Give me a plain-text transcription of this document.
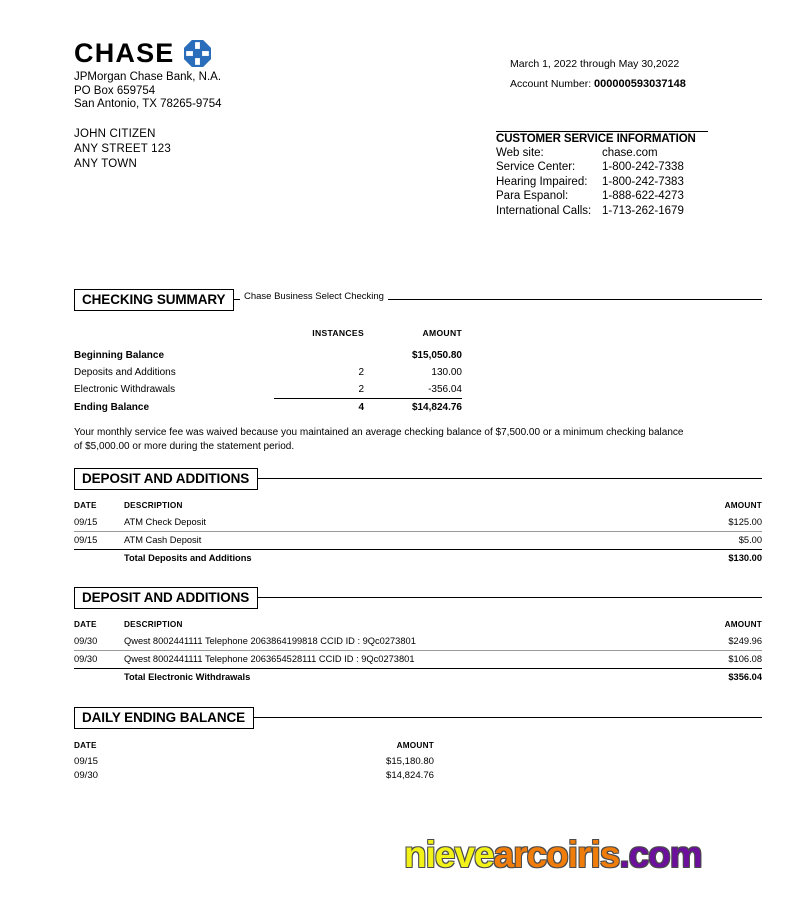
CHASE
JPMorgan Chase Bank, N.A.
PO Box 659754
San Antonio, TX 78265-9754
JOHN CITIZEN
ANY STREET 123
ANY TOWN
March 1, 2022 through May 30,2022
Account Number: 000000593037148
CUSTOMER SERVICE INFORMATION
Web site:	chase.com
Service Center:	1-800-242-7338
Hearing Impaired:	1-800-242-7383
Para Espanol:	1-888-622-4273
International Calls:	1-713-262-1679
CHECKING SUMMARY	Chase Business Select Checking
	INSTANCES	AMOUNT
Beginning Balance		$15,050.80
Deposits and Additions	2	130.00
Electronic Withdrawals	2	-356.04
Ending Balance	4	$14,824.76
Your monthly service fee was waived because you maintained an average checking balance of $7,500.00 or a minimum checking balance of $5,000.00 or more during the statement period.
DEPOSIT AND ADDITIONS
DATE	DESCRIPTION	AMOUNT
09/15	ATM Check Deposit	$125.00
09/15	ATM Cash Deposit	$5.00
	Total Deposits and Additions	$130.00
DEPOSIT AND ADDITIONS
DATE	DESCRIPTION	AMOUNT
09/30	Qwest 8002441111 Telephone 2063864199818 CCID ID : 9Qc0273801	$249.96
09/30	Qwest 8002441111 Telephone 2063654528111 CCID ID : 9Qc0273801	$106.08
	Total Electronic Withdrawals	$356.04
DAILY ENDING BALANCE
DATE	AMOUNT
09/15	$15,180.80
09/30	$14,824.76
nievearcoiris.com
